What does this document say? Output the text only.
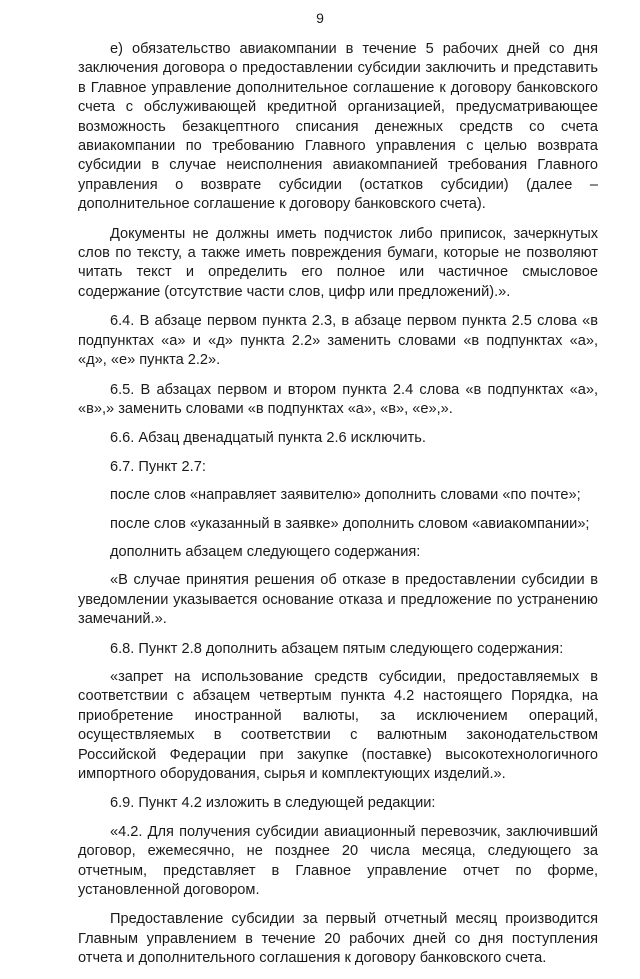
9

е) обязательство авиакомпании в течение 5 рабочих дней со дня заключения договора о предоставлении субсидии заключить и представить в Главное управление дополнительное соглашение к договору банковского счета с обслуживающей кредитной организацией, предусматривающее возможность безакцептного списания денежных средств со счета авиакомпании по требованию Главного управления с целью возврата субсидии в случае неисполнения авиакомпанией требования Главного управления о возврате субсидии (остатков субсидии) (далее – дополнительное соглашение к договору банковского счета).

Документы не должны иметь подчисток либо приписок, зачеркнутых слов по тексту, а также иметь повреждения бумаги, которые не позволяют читать текст и определить его полное или частичное смысловое содержание (отсутствие части слов, цифр или предложений).».

6.4. В абзаце первом пункта 2.3, в абзаце первом пункта 2.5 слова «в подпунктах «а» и «д» пункта 2.2» заменить словами «в подпунктах «а», «д», «е» пункта 2.2».

6.5. В абзацах первом и втором пункта 2.4 слова «в подпунктах «а», «в»,» заменить словами «в подпунктах «а», «в», «е»,».

6.6. Абзац двенадцатый пункта 2.6 исключить.

6.7. Пункт 2.7:

после слов «направляет заявителю» дополнить словами «по почте»;

после слов «указанный в заявке» дополнить словом «авиакомпании»;

дополнить абзацем следующего содержания:

«В случае принятия решения об отказе в предоставлении субсидии в уведомлении указывается основание отказа и предложение по устранению замечаний.».

6.8. Пункт 2.8 дополнить абзацем пятым следующего содержания:

«запрет на использование средств субсидии, предоставляемых в соответствии с абзацем четвертым пункта 4.2 настоящего Порядка, на приобретение иностранной валюты, за исключением операций, осуществляемых в соответствии с валютным законодательством Российской Федерации при закупке (поставке) высокотехнологичного импортного оборудования, сырья и комплектующих изделий.».

6.9. Пункт 4.2 изложить в следующей редакции:

«4.2. Для получения субсидии авиационный перевозчик, заключивший договор, ежемесячно, не позднее 20 числа месяца, следующего за отчетным, представляет в Главное управление отчет по форме, установленной договором.

Предоставление субсидии за первый отчетный месяц производится Главным управлением в течение 20 рабочих дней со дня поступления отчета и дополнительного соглашения к договору банковского счета.
